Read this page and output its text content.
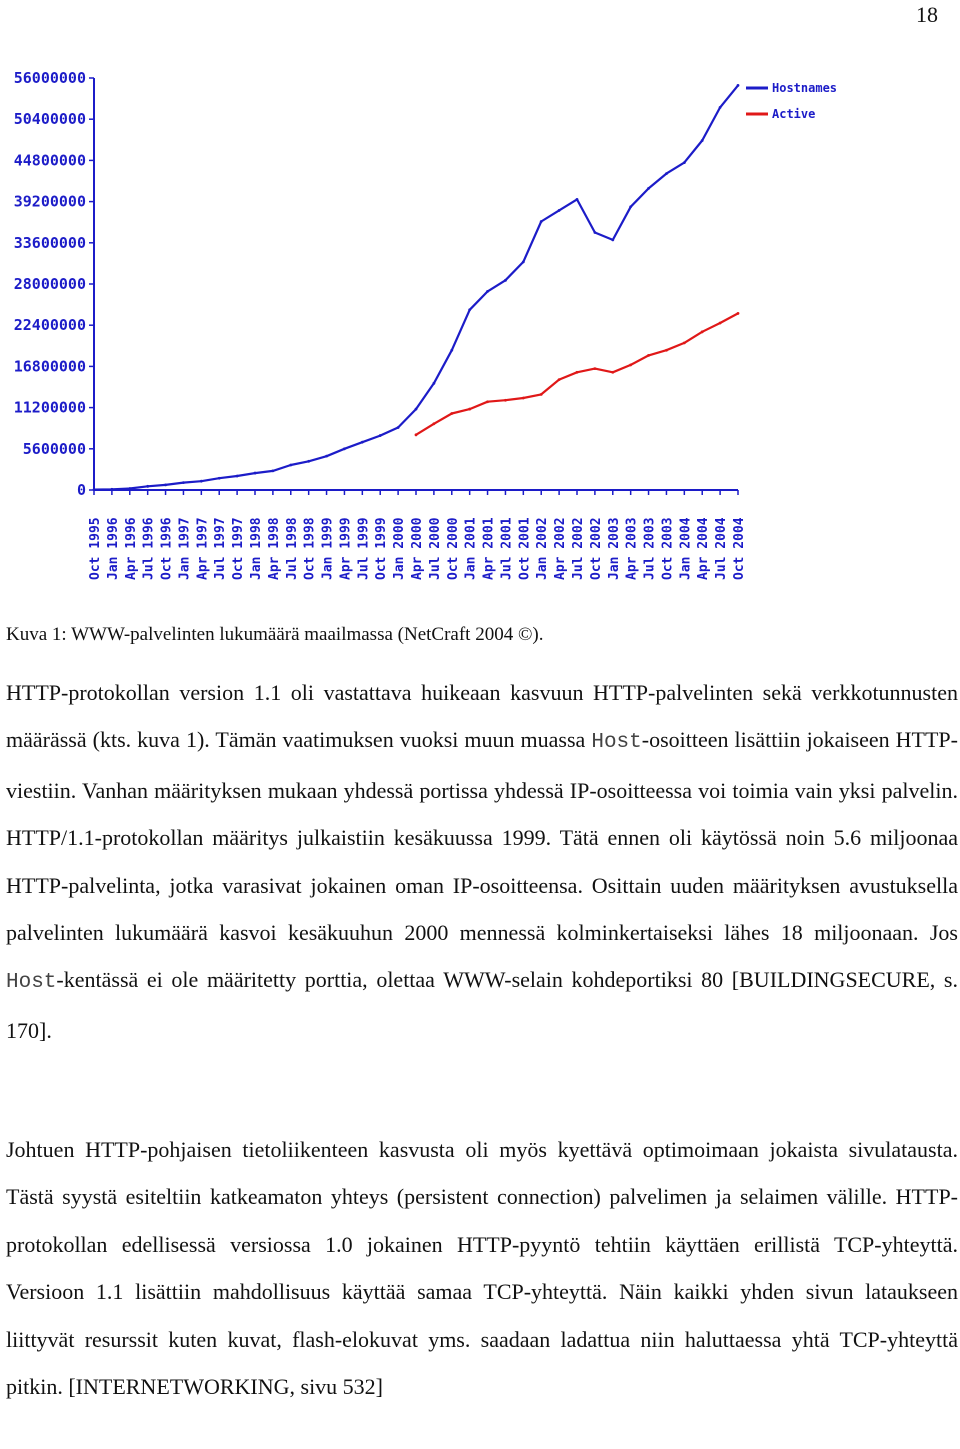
18
0
5600000
11200000
16800000
22400000
28000000
33600000
39200000
44800000
50400000
56000000
Oct 1995 Jan 1996 Apr 1996 Jul 1996 Oct 1996 Jan 1997 Apr 1997 Jul 1997 Oct 1997 Jan 1998 Apr 1998 Jul 1998 Oct 1998 Jan 1999 Apr 1999 Jul 1999 Oct 1999 Jan 2000 Apr 2000 Jul 2000 Oct 2000 Jan 2001 Apr 2001 Jul 2001 Oct 2001 Jan 2002 Apr 2002 Jul 2002 Oct 2002 Jan 2003 Apr 2003 Jul 2003 Oct 2003 Jan 2004 Apr 2004 Jul 2004 Oct 2004
Hostnames
Active
Kuva 1: WWW-palvelinten lukumäärä maailmassa (NetCraft 2004 ©).

HTTP-protokollan version 1.1 oli vastattava huikeaan kasvuun HTTP-palvelinten sekä verkkotunnusten määrässä (kts. kuva 1). Tämän vaatimuksen vuoksi muun muassa Host-osoitteen lisättiin jokaiseen HTTP-viestiin. Vanhan määrityksen mukaan yhdessä portissa yhdessä IP-osoitteessa voi toimia vain yksi palvelin. HTTP/1.1-protokollan määritys julkaistiin kesäkuussa 1999. Tätä ennen oli käytössä noin 5.6 miljoonaa HTTP-palvelinta, jotka varasivat jokainen oman IP-osoitteensa. Osittain uuden määrityksen avustuksella palvelinten lukumäärä kasvoi kesäkuuhun 2000 mennessä kolminkertaiseksi lähes 18 miljoonaan. Jos Host-kentässä ei ole määritetty porttia, olettaa WWW-selain kohdeportiksi 80 [BUILDINGSECURE, s. 170].

Johtuen HTTP-pohjaisen tietoliikenteen kasvusta oli myös kyettävä optimoimaan jokaista sivulatausta. Tästä syystä esiteltiin katkeamaton yhteys (persistent connection) palvelimen ja selaimen välille. HTTP-protokollan edellisessä versiossa 1.0 jokainen HTTP-pyyntö tehtiin käyttäen erillistä TCP-yhteyttä. Versioon 1.1 lisättiin mahdollisuus käyttää samaa TCP-yhteyttä. Näin kaikki yhden sivun lataukseen liittyvät resurssit kuten kuvat, flash-elokuvat yms. saadaan ladattua niin haluttaessa yhtä TCP-yhteyttä pitkin. [INTERNETWORKING, sivu 532]
